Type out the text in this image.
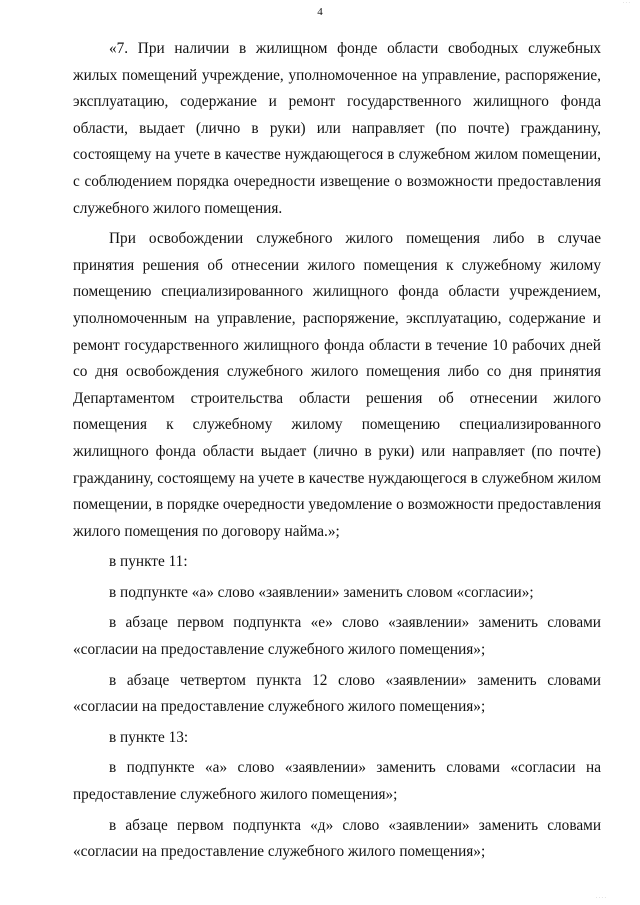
4

«7. При наличии в жилищном фонде области свободных служебных жилых помещений учреждение, уполномоченное на управление, распоряжение, эксплуатацию, содержание и ремонт государственного жилищного фонда области, выдает (лично в руки) или направляет (по почте) гражданину, состоящему на учете в качестве нуждающегося в служебном жилом помещении, с соблюдением порядка очередности извещение о возможности предоставления служебного жилого помещения.

При освобождении служебного жилого помещения либо в случае принятия решения об отнесении жилого помещения к служебному жилому помещению специализированного жилищного фонда области учреждением, уполномоченным на управление, распоряжение, эксплуатацию, содержание и ремонт государственного жилищного фонда области в течение 10 рабочих дней со дня освобождения служебного жилого помещения либо со дня принятия Департаментом строительства области решения об отнесении жилого помещения к служебному жилому помещению специализированного жилищного фонда области выдает (лично в руки) или направляет (по почте) гражданину, состоящему на учете в качестве нуждающегося в служебном жилом помещении, в порядке очередности уведомление о возможности предоставления жилого помещения по договору найма.»;

в пункте 11:

в подпункте «а» слово «заявлении» заменить словом «согласии»;

в абзаце первом подпункта «е» слово «заявлении» заменить словами «согласии на предоставление служебного жилого помещения»;

в абзаце четвертом пункта 12 слово «заявлении» заменить словами «согласии на предоставление служебного жилого помещения»;

в пункте 13:

в подпункте «а» слово «заявлении» заменить словами «согласии на предоставление служебного жилого помещения»;

в абзаце первом подпункта «д» слово «заявлении» заменить словами «согласии на предоставление служебного жилого помещения»;

· · ·
· · · ·
